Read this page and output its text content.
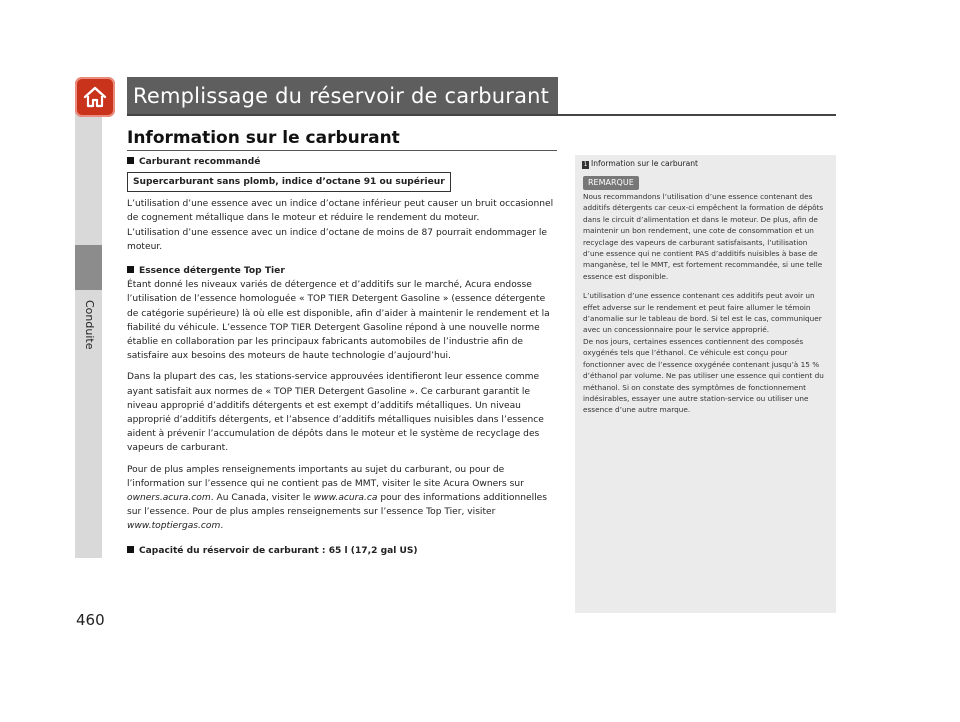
Conduite
Remplissage du réservoir de carburant
Information sur le carburant
Carburant recommandé
Supercarburant sans plomb, indice d’octane 91 ou supérieur

L’utilisation d’une essence avec un indice d’octane inférieur peut causer un bruit occasionnel de cognement métallique dans le moteur et réduire le rendement du moteur.
L’utilisation d’une essence avec un indice d’octane de moins de 87 pourrait endommager le moteur.

Essence détergente Top Tier

Étant donné les niveaux variés de détergence et d’additifs sur le marché, Acura endosse l’utilisation de l’essence homologuée « TOP TIER Detergent Gasoline » (essence détergente de catégorie supérieure) là où elle est disponible, afin d’aider à maintenir le rendement et la fiabilité du véhicule. L’essence TOP TIER Detergent Gasoline répond à une nouvelle norme établie en collaboration par les principaux fabricants automobiles de l’industrie afin de satisfaire aux besoins des moteurs de haute technologie d’aujourd’hui.

Dans la plupart des cas, les stations-service approuvées identifieront leur essence comme ayant satisfait aux normes de « TOP TIER Detergent Gasoline ». Ce carburant garantit le niveau approprié d’additifs détergents et est exempt d’additifs métalliques. Un niveau approprié d’additifs détergents, et l’absence d’additifs métalliques nuisibles dans l’essence aident à prévenir l’accumulation de dépôts dans le moteur et le système de recyclage des vapeurs de carburant.

Pour de plus amples renseignements importants au sujet du carburant, ou pour de l’information sur l’essence qui ne contient pas de MMT, visiter le site Acura Owners sur owners.acura.com. Au Canada, visiter le www.acura.ca pour des informations additionnelles sur l’essence. Pour de plus amples renseignements sur l’essence Top Tier, visiter www.toptiergas.com.

Capacité du réservoir de carburant : 65 l (17,2 gal US)
1 Information sur le carburant
REMARQUE

Nous recommandons l’utilisation d’une essence contenant des additifs détergents car ceux-ci empêchent la formation de dépôts dans le circuit d’alimentation et dans le moteur. De plus, afin de maintenir un bon rendement, une cote de consommation et un recyclage des vapeurs de carburant satisfaisants, l’utilisation d’une essence qui ne contient PAS d’additifs nuisibles à base de manganèse, tel le MMT, est fortement recommandée, si une telle essence est disponible.

L’utilisation d’une essence contenant ces additifs peut avoir un effet adverse sur le rendement et peut faire allumer le témoin d’anomalie sur le tableau de bord. Si tel est le cas, communiquer avec un concessionnaire pour le service approprié.
De nos jours, certaines essences contiennent des composés oxygénés tels que l’éthanol. Ce véhicule est conçu pour fonctionner avec de l’essence oxygénée contenant jusqu’à 15 % d’éthanol par volume. Ne pas utiliser une essence qui contient du méthanol. Si on constate des symptômes de fonctionnement indésirables, essayer une autre station-service ou utiliser une essence d’une autre marque.

460
